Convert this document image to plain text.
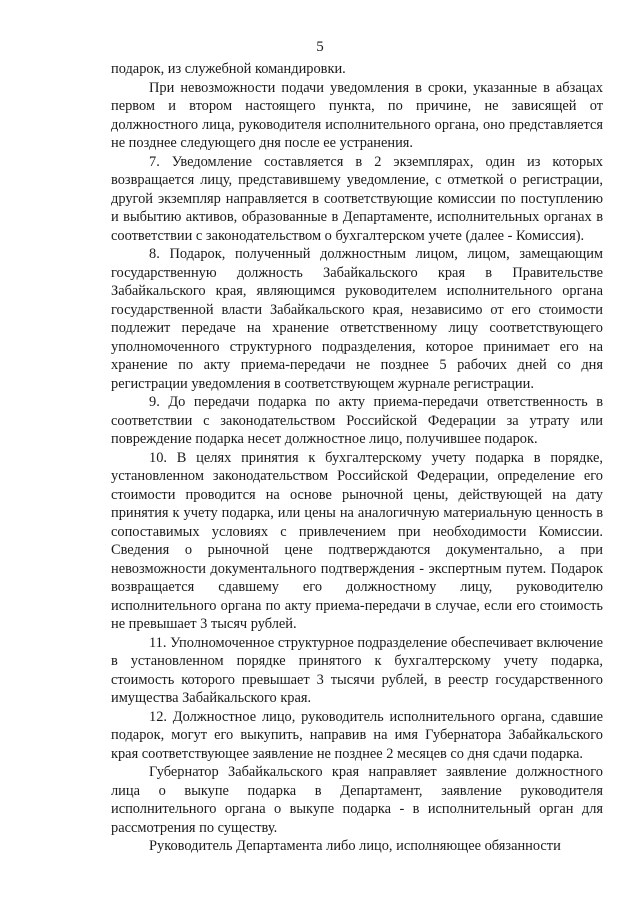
5

подарок, из служебной командировки.

При невозможности подачи уведомления в сроки, указанные в абзацах первом и втором настоящего пункта, по причине, не зависящей от должностного лица, руководителя исполнительного органа, оно представляется не позднее следующего дня после ее устранения.

7. Уведомление составляется в 2 экземплярах, один из которых возвращается лицу, представившему уведомление, с отметкой о регистрации, другой экземпляр направляется в соответствующие комиссии по поступлению и выбытию активов, образованные в Департаменте, исполнительных органах в соответствии с законодательством о бухгалтерском учете (далее - Комиссия).

8. Подарок, полученный должностным лицом, лицом, замещающим государственную должность Забайкальского края в Правительстве Забайкальского края, являющимся руководителем исполнительного органа государственной власти Забайкальского края, независимо от его стоимости подлежит передаче на хранение ответственному лицу соответствующего уполномоченного структурного подразделения, которое принимает его на хранение по акту приема-передачи не позднее 5 рабочих дней со дня регистрации уведомления в соответствующем журнале регистрации.

9. До передачи подарка по акту приема-передачи ответственность в соответствии с законодательством Российской Федерации за утрату или повреждение подарка несет должностное лицо, получившее подарок.

10. В целях принятия к бухгалтерскому учету подарка в порядке, установленном законодательством Российской Федерации, определение его стоимости проводится на основе рыночной цены, действующей на дату принятия к учету подарка, или цены на аналогичную материальную ценность в сопоставимых условиях с привлечением при необходимости Комиссии. Сведения о рыночной цене подтверждаются документально, а при невозможности документального подтверждения - экспертным путем. Подарок возвращается сдавшему его должностному лицу, руководителю исполнительного органа по акту приема-передачи в случае, если его стоимость не превышает 3 тысяч рублей.

11. Уполномоченное структурное подразделение обеспечивает включение в установленном порядке принятого к бухгалтерскому учету подарка, стоимость которого превышает 3 тысячи рублей, в реестр государственного имущества Забайкальского края.

12. Должностное лицо, руководитель исполнительного органа, сдавшие подарок, могут его выкупить, направив на имя Губернатора Забайкальского края соответствующее заявление не позднее 2 месяцев со дня сдачи подарка.

Губернатор Забайкальского края направляет заявление должностного лица о выкупе подарка в Департамент, заявление руководителя исполнительного органа о выкупе подарка - в исполнительный орган для рассмотрения по существу.

Руководитель Департамента либо лицо, исполняющее обязанности
